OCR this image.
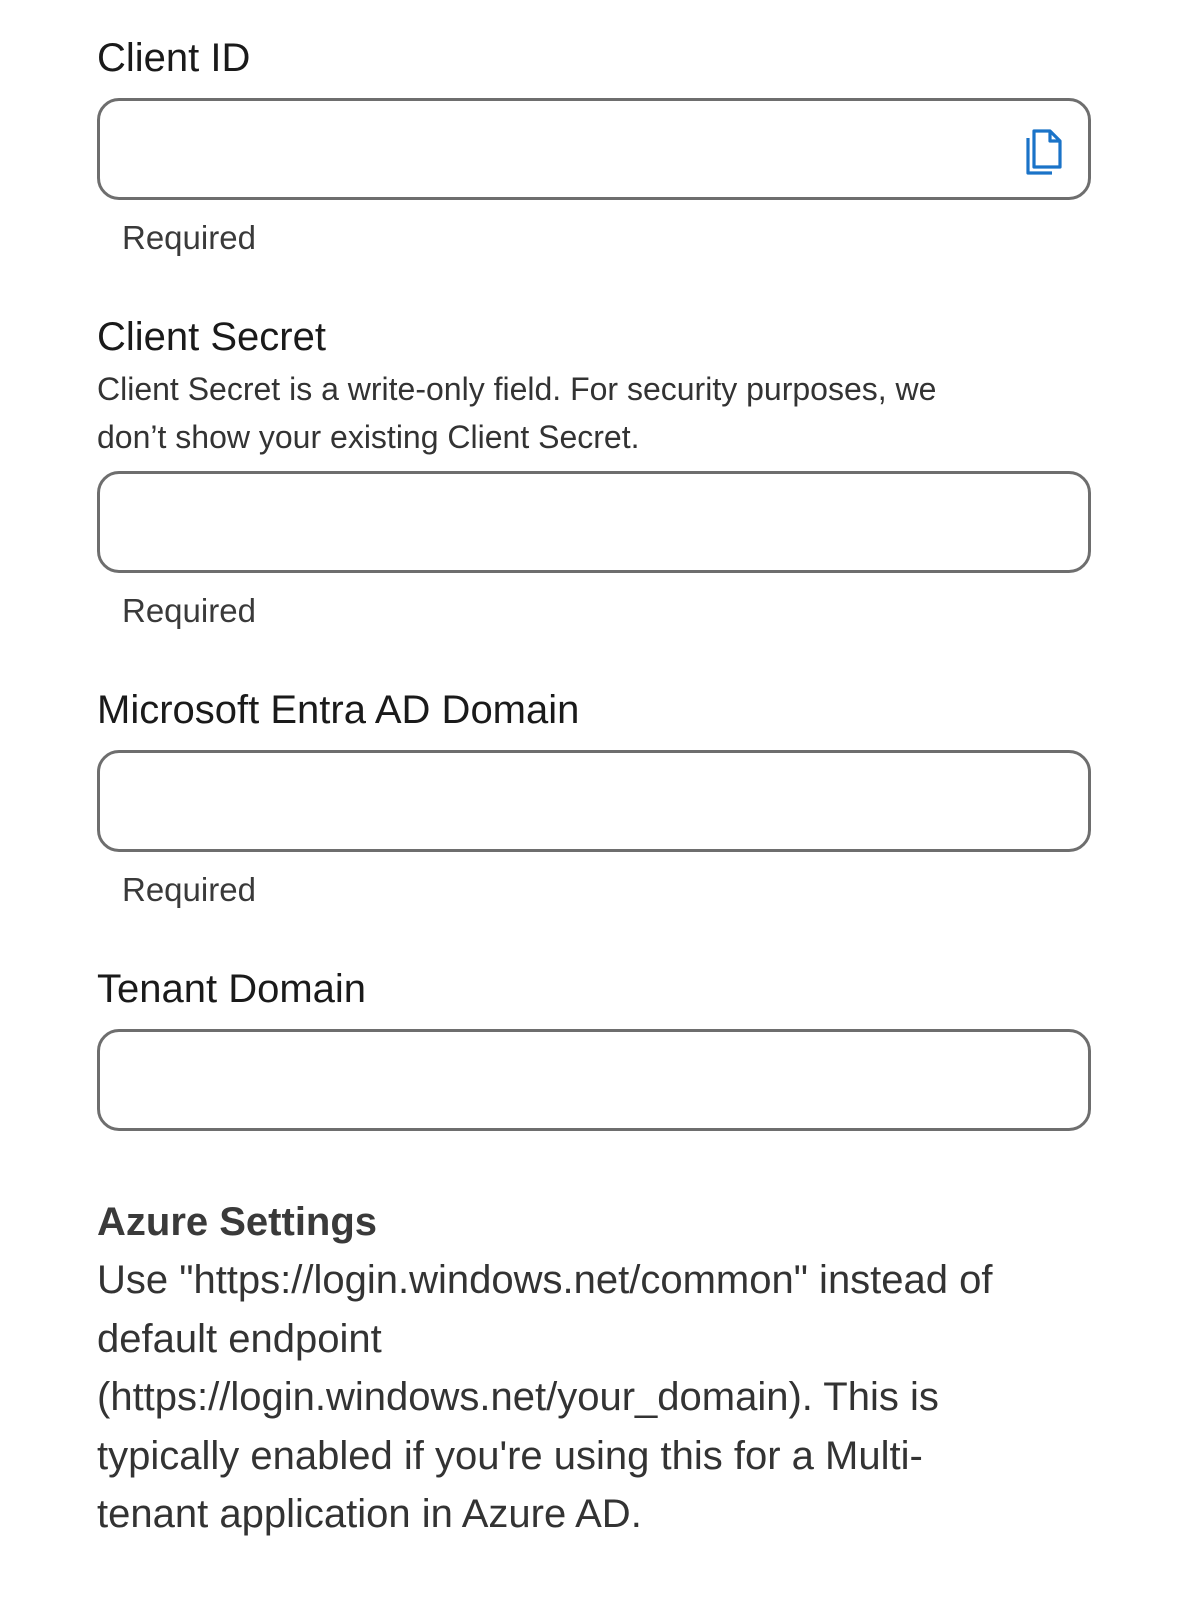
Client ID
Required
Client Secret
Client Secret is a write-only field. For security purposes, we
don’t show your existing Client Secret.
Required
Microsoft Entra AD Domain
Required
Tenant Domain
Azure Settings
Use "https://login.windows.net/common" instead of
default endpoint
(https://login.windows.net/your_domain). This is
typically enabled if you're using this for a Multi-
tenant application in Azure AD.
